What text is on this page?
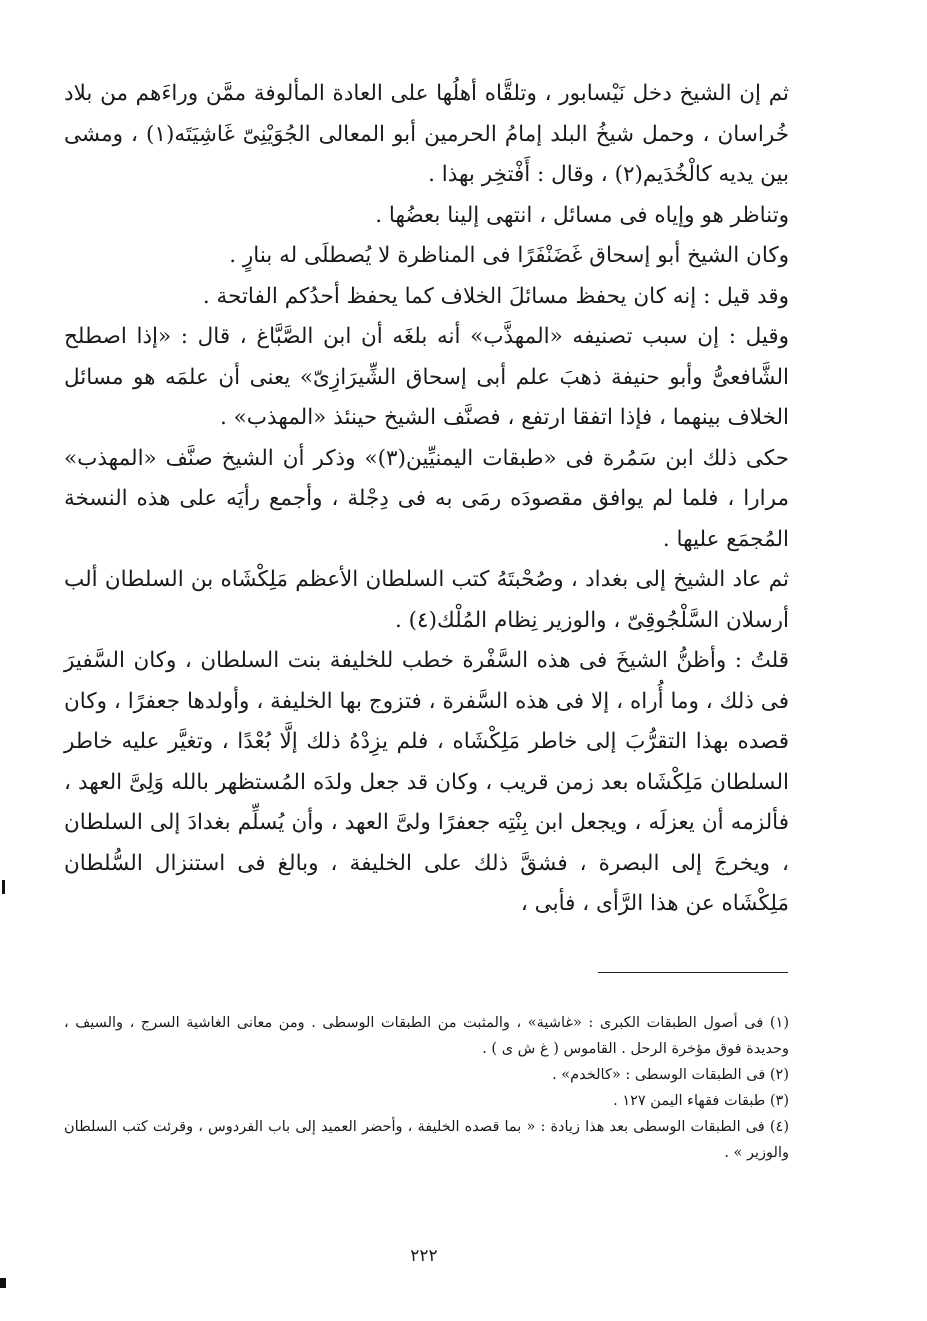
ثم إن الشيخ دخل نَيْسابور ، وتلقَّاه أهلُها على العادة المألوفة ممَّن وراءَهم من بلاد خُراسان ، وحمل شيخُ البلد إمامُ الحرمين أبو المعالى الجُوَيْنِىّ غَاشِيَتَه(١) ، ومشى بين يديه كالْخُدَيم(٢) ، وقال : أَفْتخِر بهذا .

وتناظر هو وإياه فى مسائل ، انتهى إلينا بعضُها .

وكان الشيخ أبو إسحاق غَضَنْفَرًا فى المناظرة لا يُصطلَى له بنارٍ .

وقد قيل : إنه كان يحفظ مسائلَ الخلاف كما يحفظ أحدُكم الفاتحة .

وقيل : إن سبب تصنيفه «المهذَّب» أنه بلغَه أن ابن الصَّبَّاغ ، قال : «إذا اصطلح الشَّافعىُّ وأبو حنيفة ذهبَ علم أبى إسحاق الشِّيرَازِىّ» يعنى أن علمَه هو مسائل الخلاف بينهما ، فإذا اتفقا ارتفع ، فصنَّف الشيخ حينئذ «المهذب» .

حكى ذلك ابن سَمُرة فى «طبقات اليمنيِّين(٣)» وذكر أن الشيخ صنَّف «المهذب» مرارا ، فلما لم يوافق مقصودَه رمَى به فى دِجْلة ، وأجمع رأيَه على هذه النسخة المُجمَع عليها .

ثم عاد الشيخ إلى بغداد ، وصُحْبتَهُ كتب السلطان الأعظم مَلِكْشَاه بن السلطان ألب أرسلان السَّلْجُوقِىّ ، والوزير نِظام المُلْك(٤) .

قلتُ : وأظنُّ الشيخَ فى هذه السَّفْرة خطب للخليفة بنت السلطان ، وكان السَّفيرَ فى ذلك ، وما أُراه ، إلا فى هذه السَّفرة ، فتزوج بها الخليفة ، وأولدها جعفرًا ، وكان قصده بهذا التقرُّبَ إلى خاطر مَلِكْشَاه ، فلم يزِدْهُ ذلك إلَّا بُعْدًا ، وتغيَّر عليه خاطر السلطان مَلِكْشَاه بعد زمن قريب ، وكان قد جعل ولدَه المُستظهر بالله وَلِىَّ العهد ، فألزمه أن يعزلَه ، ويجعل ابن بِنْتِه جعفرًا ولىَّ العهد ، وأن يُسلِّم بغدادَ إلى السلطان ، ويخرجَ إلى البصرة ، فشقَّ ذلك على الخليفة ، وبالغ فى استنزال السُّلطان مَلِكْشَاه عن هذا الرَّأى ، فأبى ،

(١) فى أصول الطبقات الكبرى : «غاشية» ، والمثبت من الطبقات الوسطى . ومن معانى الغاشية السرج ، والسيف ، وحديدة فوق مؤخرة الرحل . القاموس ( غ ش ى ) .

(٢) فى الطبقات الوسطى : «كالخدم» .

(٣) طبقات فقهاء اليمن ١٢٧ .

(٤) فى الطبقات الوسطى بعد هذا زيادة : « بما قصده الخليفة ، وأحضر العميد إلى باب الفردوس ، وقرئت كتب السلطان والوزير » .

٢٢٢
